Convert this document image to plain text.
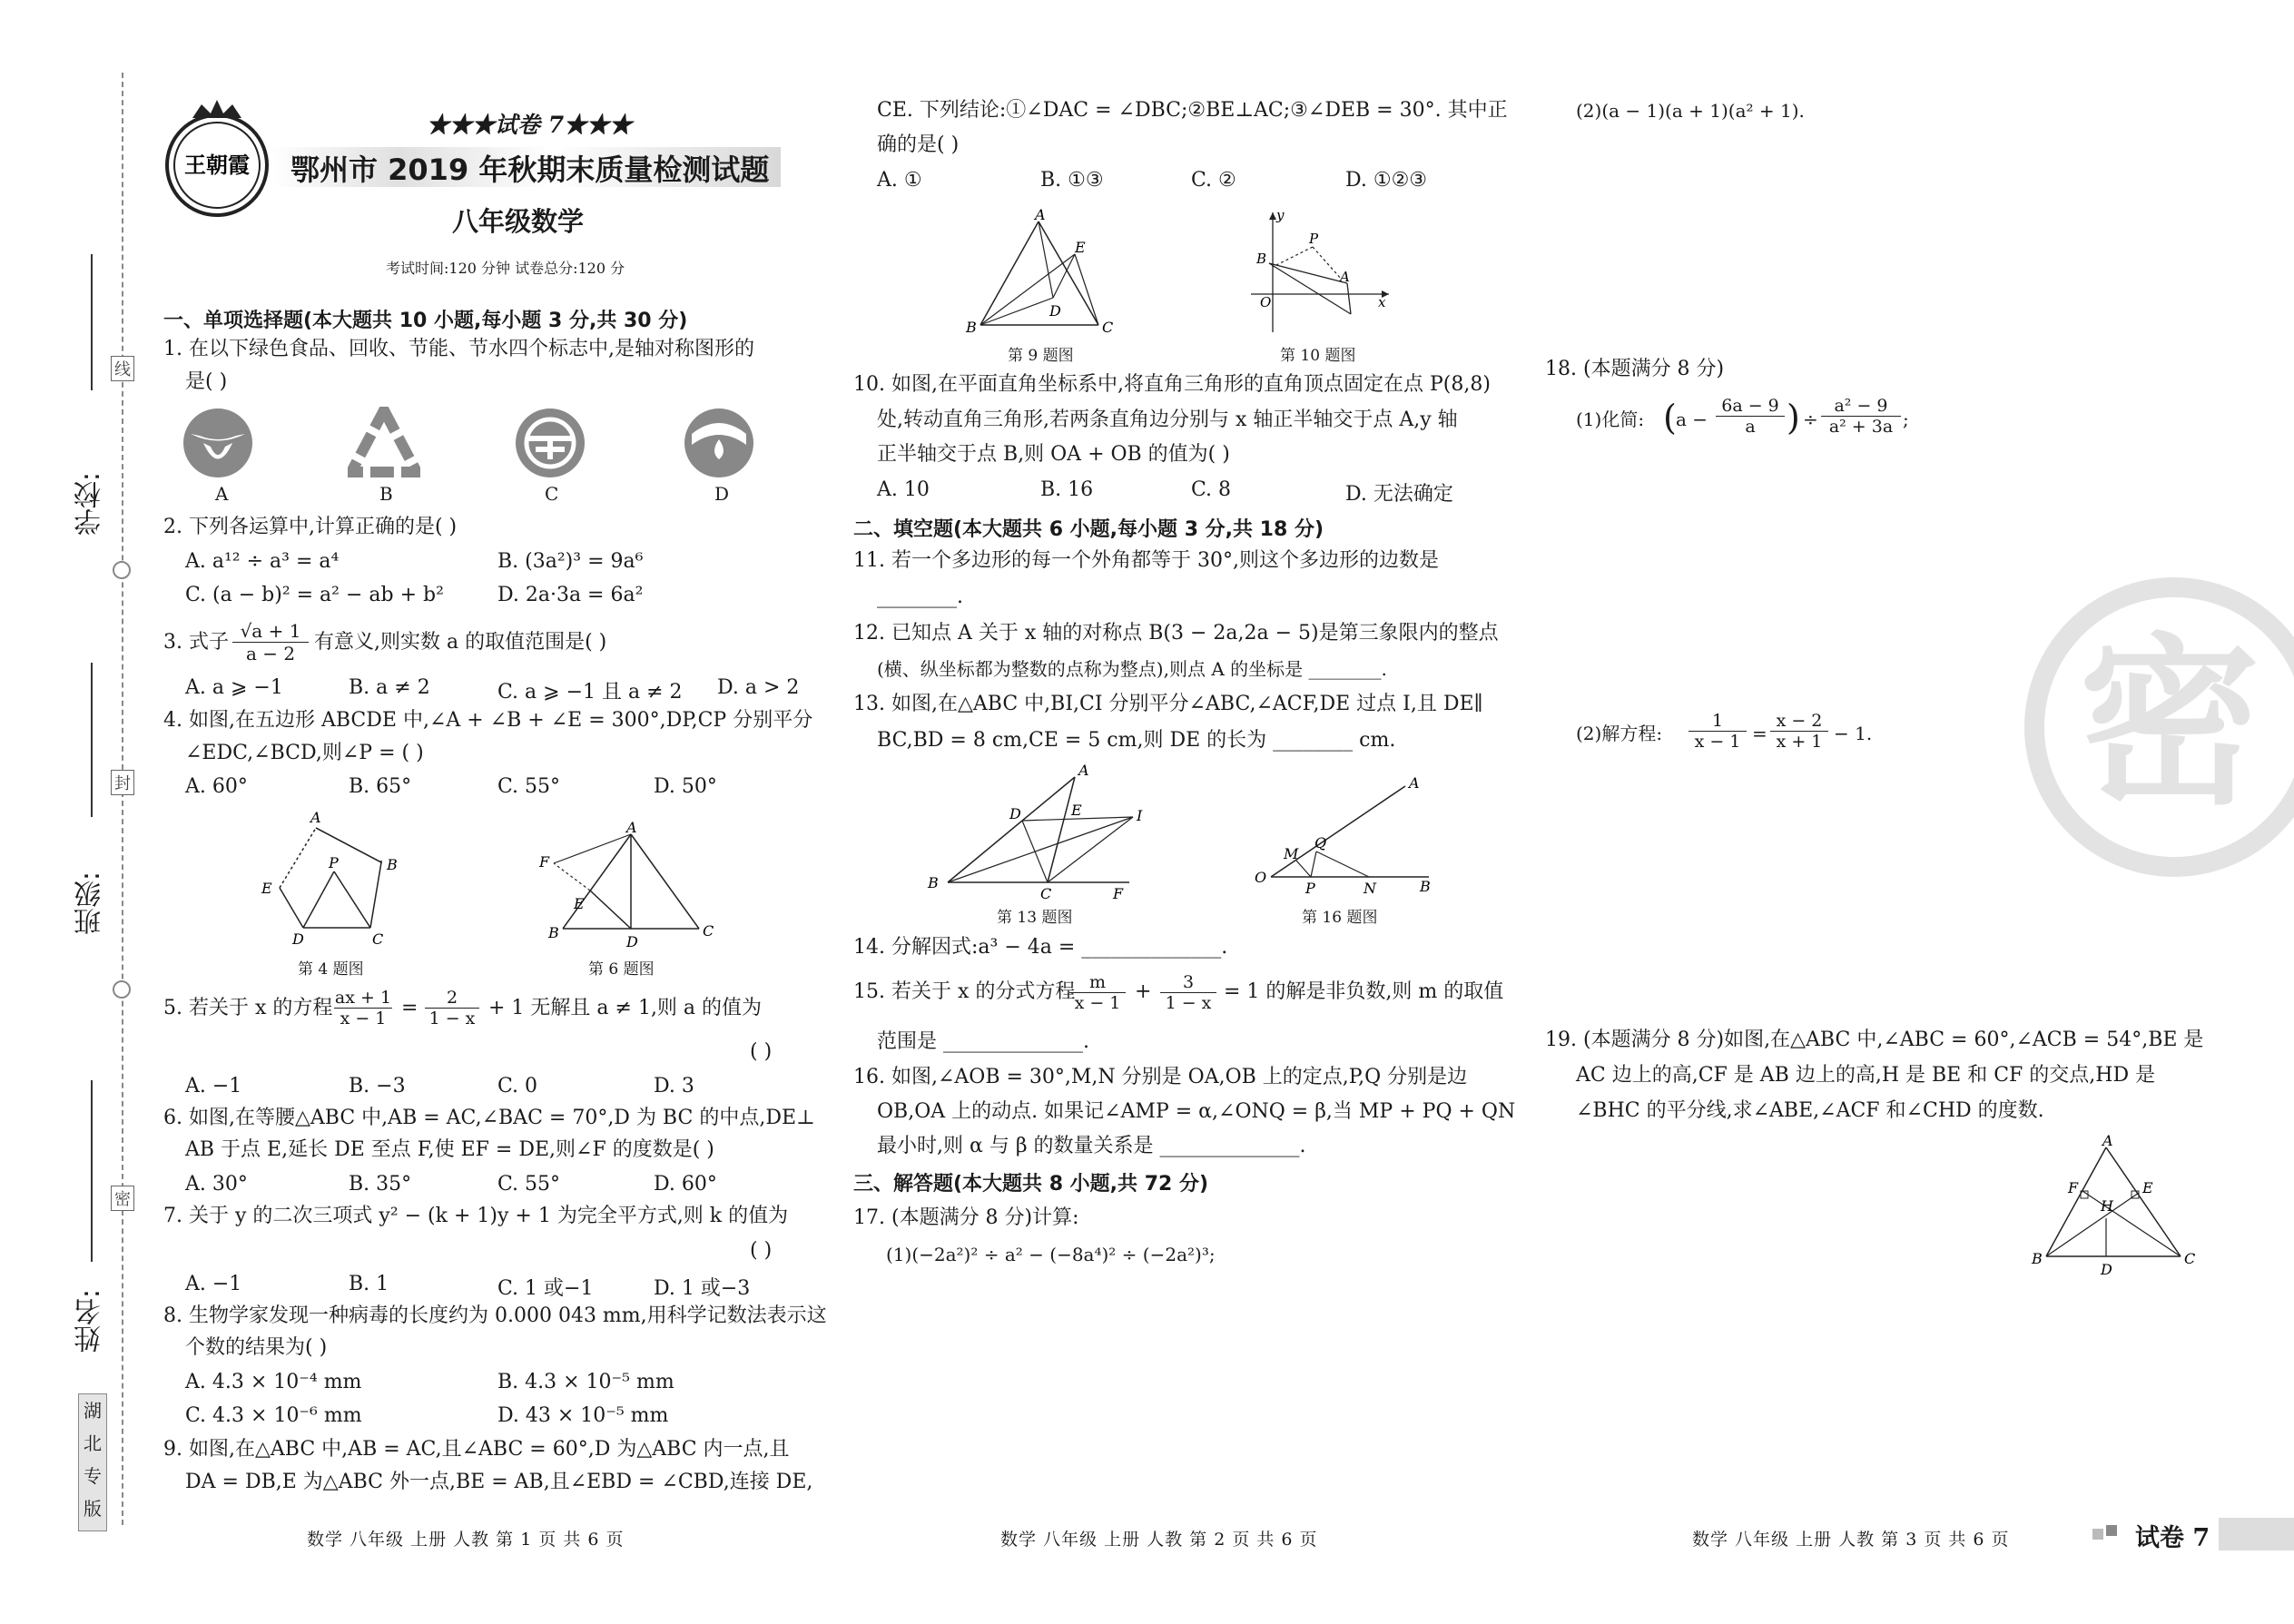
学校:
班级:
姓名:
线
封
密
湖
北
专
版
王朝霞
★★★试卷 7★★★
鄂州市 2019 年秋期末质量检测试题
八年级数学
考试时间:120 分钟 试卷总分:120 分
一、单项选择题(本大题共 10 小题,每小题 3 分,共 30 分)
1. 在以下绿色食品、回收、节能、节水四个标志中,是轴对称图形的
是( )
A	B	C	D
2. 下列各运算中,计算正确的是( )
A. a¹² ÷ a³ = a⁴	B. (3a²)³ = 9a⁶
C. (a − b)² = a² − ab + b²	D. 2a·3a = 6a²
3. 式子 $\frac{√a + 1}{a - 2}$ 有意义,则实数 a 的取值范围是( )
A. a ⩾ −1	B. a ≠ 2	C. a ⩾ −1 且 a ≠ 2 D. a > 2
4. 如图,在五边形 ABCDE 中,∠A + ∠B + ∠E = 300°,DP,CP 分别平分
∠EDC,∠BCD,则∠P = ( )
A. 60°	B. 65°	C. 55°	D. 50°
A
B
C
D
E
P
第 4 题图
A
B	C
D
E
F
第 6 题图
5. 若关于 x 的方程 $\frac{ax + 1}{x - 1} = \frac{2}{1 - x} + 1$ 无解且 a ≠ 1,则 a 的值为
( )
A. −1	B. −3	C. 0	D. 3
6. 如图,在等腰△ABC 中,AB = AC,∠BAC = 70°,D 为 BC 的中点,DE⊥
AB 于点 E,延长 DE 至点 F,使 EF = DE,则∠F 的度数是( )
A. 30°	B. 35°	C. 55°	D. 60°
7. 关于 y 的二次三项式 y² − (k + 1)y + 1 为完全平方式,则 k 的值为
( )
A. −1	B. 1	C. 1 或−1	D. 1 或−3
8. 生物学家发现一种病毒的长度约为 0.000 043 mm,用科学记数法表示这
个数的结果为( )
A. 4.3 × 10⁻⁴ mm	B. 4.3 × 10⁻⁵ mm
C. 4.3 × 10⁻⁶ mm	D. 43 × 10⁻⁵ mm
9. 如图,在△ABC 中,AB = AC,且∠ABC = 60°,D 为△ABC 内一点,且
DA = DB,E 为△ABC 外一点,BE = AB,且∠EBD = ∠CBD,连接 DE,
CE. 下列结论:①∠DAC = ∠DBC;②BE⊥AC;③∠DEB = 30°. 其中正
确的是( )
A. ①	B. ①③	C. ②	D. ①②③
A
B	C
D
E
第 9 题图
y
x
O
P
B
A
第 10 题图
10. 如图,在平面直角坐标系中,将直角三角形的直角顶点固定在点 P(8,8)
处,转动直角三角形,若两条直角边分别与 x 轴正半轴交于点 A,y 轴
正半轴交于点 B,则 OA + OB 的值为( )
A. 10	B. 16	C. 8	D. 无法确定
二、填空题(本大题共 6 小题,每小题 3 分,共 18 分)
11. 若一个多边形的每一个外角都等于 30°,则这个多边形的边数是
________.
12. 已知点 A 关于 x 轴的对称点 B(3 − 2a,2a − 5)是第三象限内的整点
(横、纵坐标都为整数的点称为整点),则点 A 的坐标是 ________.
13. 如图,在△ABC 中,BI,CI 分别平分∠ABC,∠ACF,DE 过点 I,且 DE∥
BC,BD = 8 cm,CE = 5 cm,则 DE 的长为 ________ cm.
A
B
C
D	E
F
I
第 13 题图
A
B
O
M
Q
P	N
第 16 题图
14. 分解因式:a³ − 4a = ______________.
15. 若关于 x 的分式方程
$\frac{m}{x - 1} + \frac{3}{1 - x} = 1$ 的解是非负数,则 m 的取值
范围是 ______________.
16. 如图,∠AOB = 30°,M,N 分别是 OA,OB 上的定点,P,Q 分别是边
OB,OA 上的动点. 如果记∠AMP = α,∠ONQ = β,当 MP + PQ + QN
最小时,则 α 与 β 的数量关系是 ______________.
三、解答题(本大题共 8 小题,共 72 分)
17. (本题满分 8 分)计算:
(1)(−2a²)² ÷ a² − (−8a⁴)² ÷ (−2a²)³;
(2)(a − 1)(a + 1)(a² + 1).
18. (本题满分 8 分)
(1)化简: ( $a - \frac{6a - 9}{a}$ ) ÷ $\frac{\text{a² − 9}}{\text{a² + 3a}}$ ;
(2)解方程: $\frac{1}{x - 1} = \frac{x - 2}{x + 1} - 1$.
19. (本题满分 8 分)如图,在△ABC 中,∠ABC = 60°,∠ACB = 54°,BE 是
AC 边上的高,CF 是 AB 边上的高,H 是 BE 和 CF 的交点,HD 是
∠BHC 的平分线,求∠ABE,∠ACF 和∠CHD 的度数.
A
B	C
D
E
F
H
密
数学 八年级 上册 人教 第 1 页 共 6 页	数学 八年级 上册 人教 第 2 页 共 6 页	数学 八年级 上册 人教 第 3 页 共 6 页	试卷 7
